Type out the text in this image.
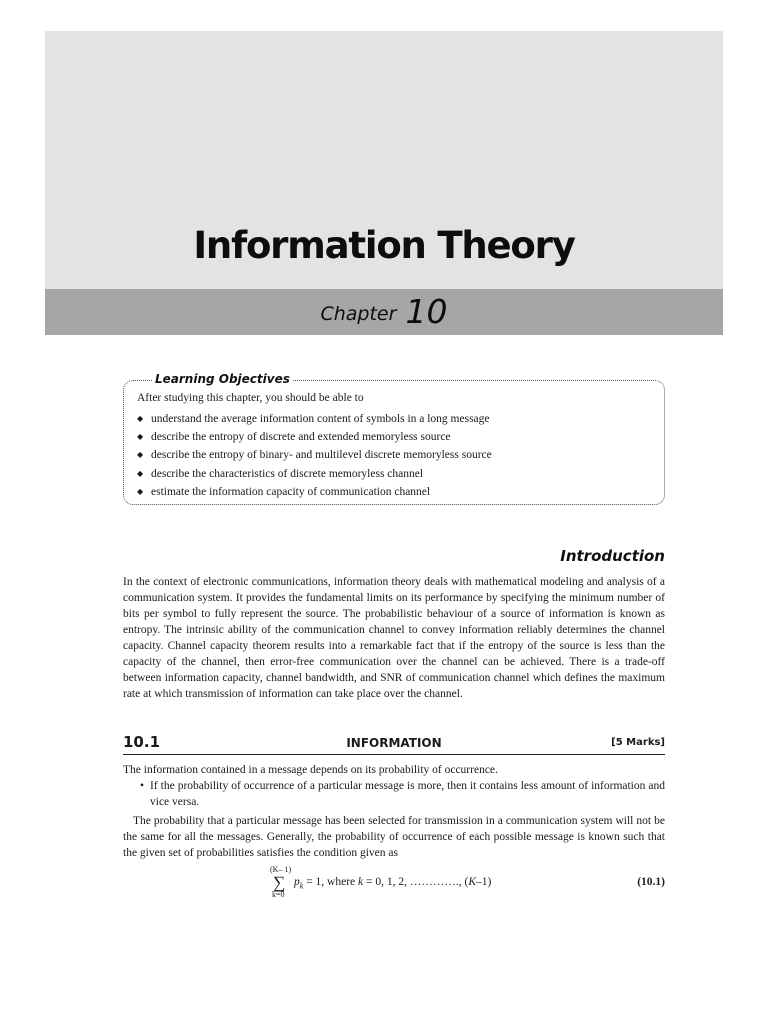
Information Theory
Chapter 10
Learning Objectives
After studying this chapter, you should be able to
◆ understand the average information content of symbols in a long message
◆ describe the entropy of discrete and extended memoryless source
◆ describe the entropy of binary- and multilevel discrete memoryless source
◆ describe the characteristics of discrete memoryless channel
◆ estimate the information capacity of communication channel
Introduction

In the context of electronic communications, information theory deals with mathematical modeling and analysis of a communication system. It provides the fundamental limits on its performance by specifying the minimum number of bits per symbol to fully represent the source. The probabilistic behaviour of a source of information is known as entropy. The intrinsic ability of the communication channel to convey information reliably determines the channel capacity. Channel capacity theorem results into a remarkable fact that if the entropy of the source is less than the capacity of the channel, then error-free communication over the channel can be achieved. There is a trade-off between information capacity, channel bandwidth, and SNR of communication channel which defines the maximum rate at which transmission of information can take place over the channel.

10.1	INFORMATION	[5 Marks]

The information contained in a message depends on its probability of occurrence.

• If the probability of occurrence of a particular message is more, then it contains less amount of information and vice versa.

The probability that a particular message has been selected for transmission in a communication system will not be the same for all the messages. Generally, the probability of occurrence of each possible message is known such that the given set of probabilities satisfies the condition given as

(K– 1)
∑
k=0
$p_k = 1$, where k = 0, 1, 2, …………., (K–1)	(10.1)
